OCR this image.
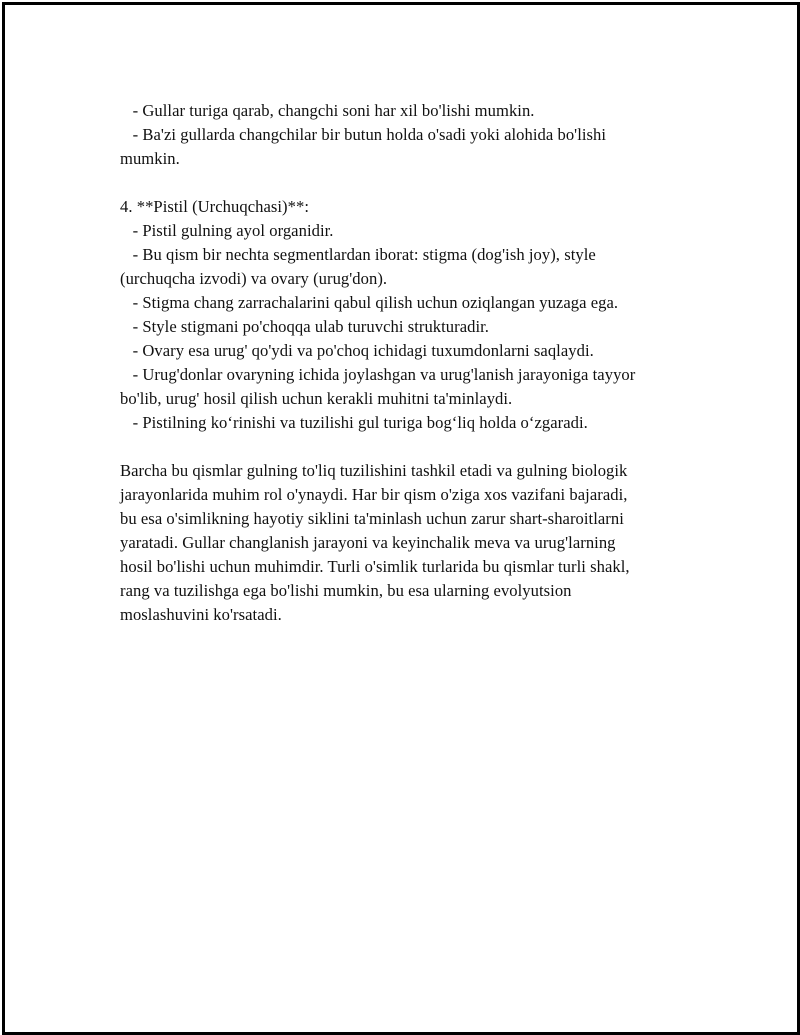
- Gullar turiga qarab, changchi soni har xil bo'lishi mumkin.
- Ba'zi gullarda changchilar bir butun holda o'sadi yoki alohida bo'lishi
mumkin.
4. **Pistil (Urchuqchasi)**:
- Pistil gulning ayol organidir.
- Bu qism bir nechta segmentlardan iborat: stigma (dog'ish joy), style
(urchuqcha izvodi) va ovary (urug'don).
- Stigma chang zarrachalarini qabul qilish uchun oziqlangan yuzaga ega.
- Style stigmani po'choqqa ulab turuvchi strukturadir.
- Ovary esa urug' qo'ydi va po'choq ichidagi tuxumdonlarni saqlaydi.
- Urug'donlar ovaryning ichida joylashgan va urug'lanish jarayoniga tayyor
bo'lib, urug' hosil qilish uchun kerakli muhitni ta'minlaydi.
- Pistilning ko‘rinishi va tuzilishi gul turiga bog‘liq holda o‘zgaradi.
Barcha bu qismlar gulning to'liq tuzilishini tashkil etadi va gulning biologik
jarayonlarida muhim rol o'ynaydi. Har bir qism o'ziga xos vazifani bajaradi,
bu esa o'simlikning hayotiy siklini ta'minlash uchun zarur shart-sharoitlarni
yaratadi. Gullar changlanish jarayoni va keyinchalik meva va urug'larning
hosil bo'lishi uchun muhimdir. Turli o'simlik turlarida bu qismlar turli shakl,
rang va tuzilishga ega bo'lishi mumkin, bu esa ularning evolyutsion
moslashuvini ko'rsatadi.
